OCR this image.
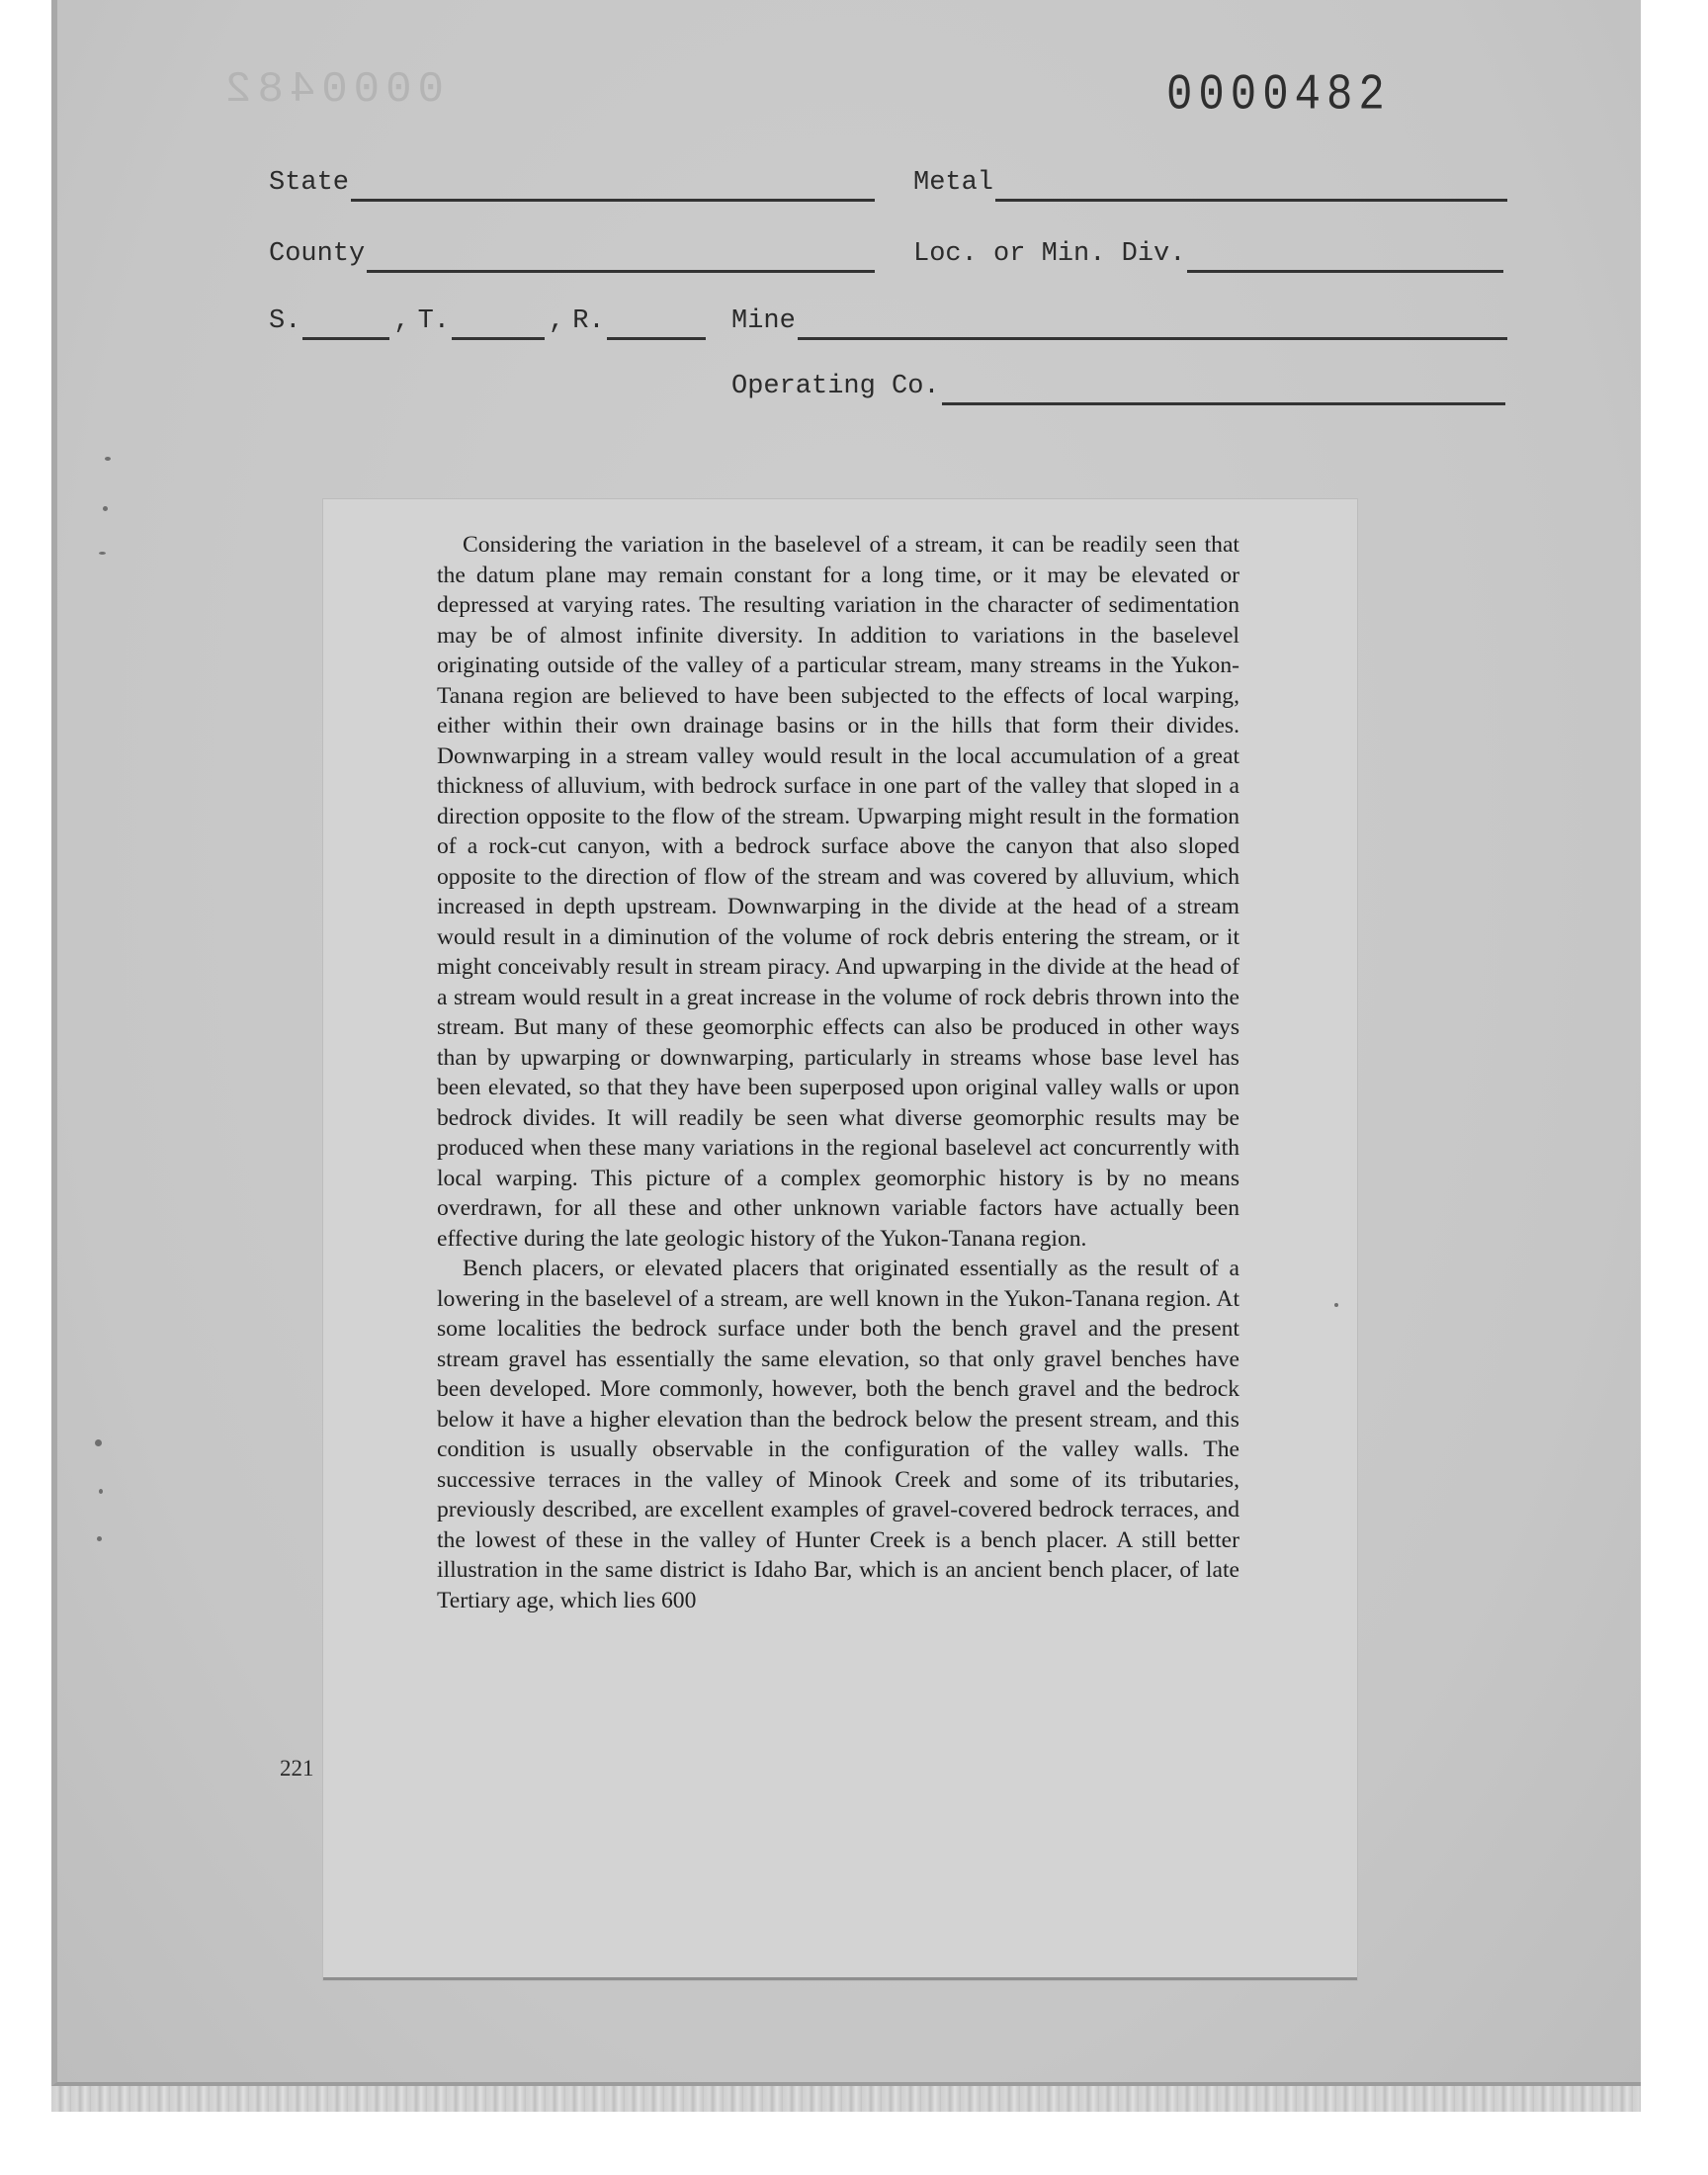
0000482	0000482
State	Metal
County	Loc. or Min. Div.
S.	, T.	, R.	Mine
Operating Co.

Considering the variation in the baselevel of a stream, it can be readily seen that the datum plane may remain constant for a long time, or it may be elevated or depressed at varying rates. The resulting variation in the character of sedimentation may be of almost infinite diversity. In addition to variations in the baselevel originating outside of the valley of a particular stream, many streams in the Yukon-Tanana region are believed to have been subjected to the effects of local warping, either within their own drainage basins or in the hills that form their divides. Downwarping in a stream valley would result in the local accumulation of a great thickness of alluvium, with bedrock surface in one part of the valley that sloped in a direction opposite to the flow of the stream. Upwarping might result in the formation of a rock-cut canyon, with a bedrock surface above the canyon that also sloped opposite to the direction of flow of the stream and was covered by alluvium, which increased in depth upstream. Downwarping in the divide at the head of a stream would result in a diminution of the volume of rock debris entering the stream, or it might conceivably result in stream piracy. And upwarping in the divide at the head of a stream would result in a great increase in the volume of rock debris thrown into the stream. But many of these geomorphic effects can also be produced in other ways than by upwarping or downwarping, particularly in streams whose base level has been elevated, so that they have been superposed upon original valley walls or upon bedrock divides. It will readily be seen what diverse geomorphic results may be produced when these many variations in the regional baselevel act concurrently with local warping. This picture of a complex geomorphic history is by no means overdrawn, for all these and other unknown variable factors have actually been effective during the late geologic history of the Yukon-Tanana region.

Bench placers, or elevated placers that originated essentially as the result of a lowering in the baselevel of a stream, are well known in the Yukon-Tanana region. At some localities the bedrock surface under both the bench gravel and the present stream gravel has essentially the same elevation, so that only gravel benches have been developed. More commonly, however, both the bench gravel and the bedrock below it have a higher elevation than the bedrock below the present stream, and this condition is usually observable in the configuration of the valley walls. The successive terraces in the valley of Minook Creek and some of its tributaries, previously described, are excellent examples of gravel-covered bedrock terraces, and the lowest of these in the valley of Hunter Creek is a bench placer. A still better illustration in the same district is Idaho Bar, which is an ancient bench placer, of late Tertiary age, which lies 600

221
